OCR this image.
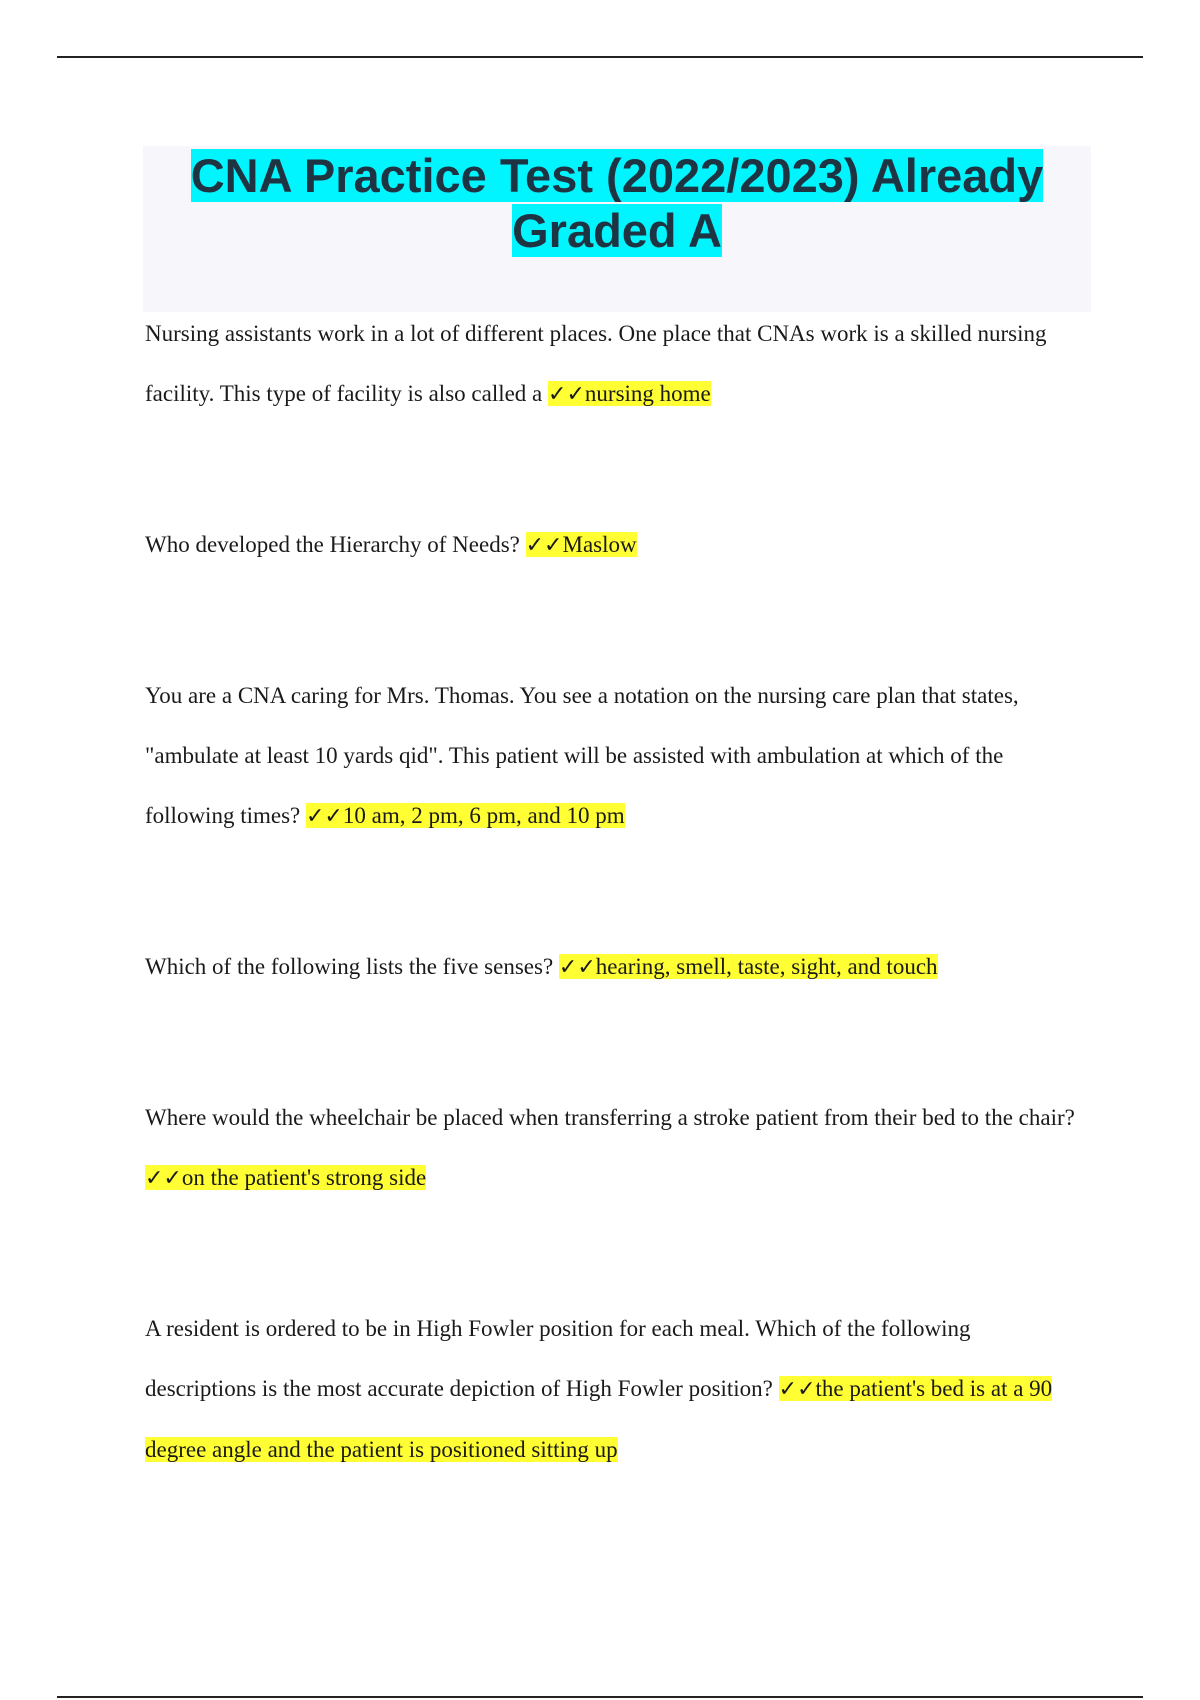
CNA Practice Test (2022/2023) Already Graded A

Nursing assistants work in a lot of different places. One place that CNAs work is a skilled nursing facility. This type of facility is also called a ✓✓nursing home

Who developed the Hierarchy of Needs? ✓✓Maslow

You are a CNA caring for Mrs. Thomas. You see a notation on the nursing care plan that states, "ambulate at least 10 yards qid". This patient will be assisted with ambulation at which of the following times? ✓✓10 am, 2 pm, 6 pm, and 10 pm

Which of the following lists the five senses? ✓✓hearing, smell, taste, sight, and touch

Where would the wheelchair be placed when transferring a stroke patient from their bed to the chair? ✓✓on the patient's strong side

A resident is ordered to be in High Fowler position for each meal. Which of the following descriptions is the most accurate depiction of High Fowler position? ✓✓the patient's bed is at a 90 degree angle and the patient is positioned sitting up
